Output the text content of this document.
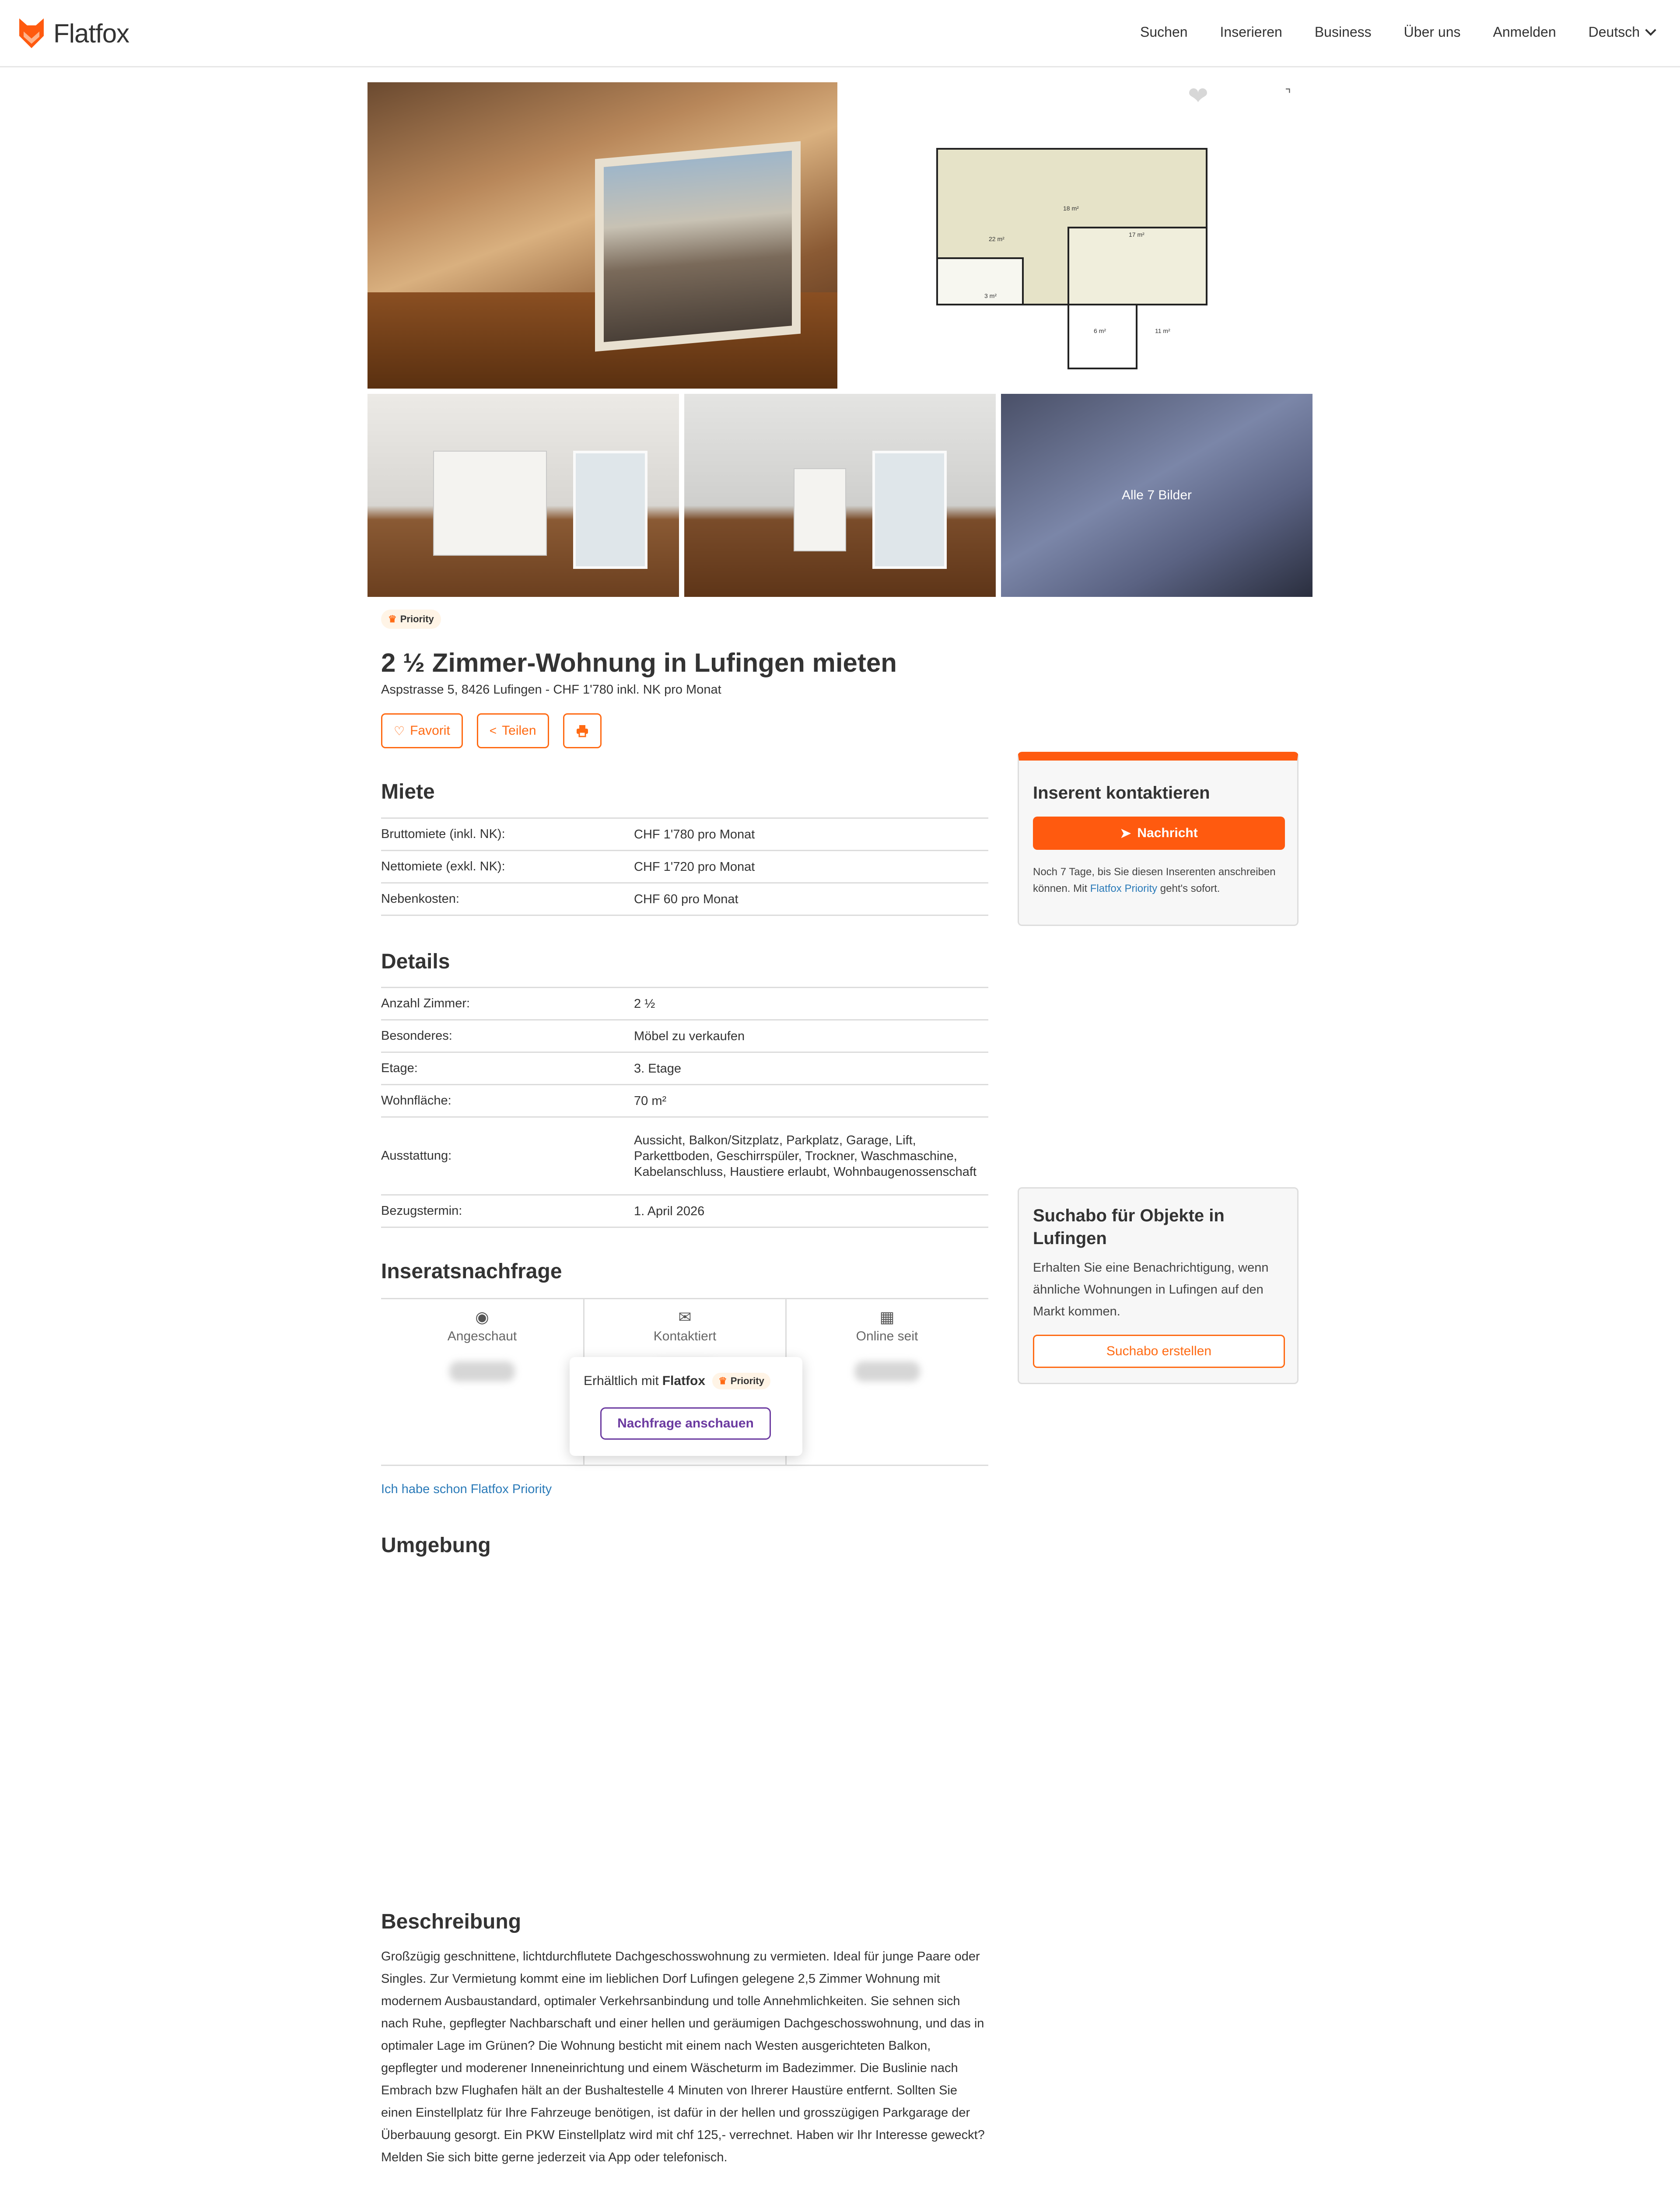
Flatfox	Suchen Inserieren Business Über uns Anmelden Deutsch
18 m²
17 m²
22 m²
3 m²
6 m²	11 m²
❤	⌝
Alle 7 Bilder
♛ Priority
2 ½ Zimmer-Wohnung in Lufingen mieten
Aspstrasse 5, 8426 Lufingen - CHF 1'780 inkl. NK pro Monat
♡ Favorit	< Teilen
Miete
Bruttomiete (inkl. NK):	CHF 1'780 pro Monat
Nettomiete (exkl. NK):	CHF 1'720 pro Monat
Nebenkosten:	CHF 60 pro Monat
Details
Anzahl Zimmer:	2 ½
Besonderes:	Möbel zu verkaufen
Etage:	3. Etage
Wohnfläche:	70 m²
Ausstattung:
Aussicht, Balkon/Sitzplatz, Parkplatz, Garage, Lift, Parkettboden, Geschirrspüler, Trockner, Waschmaschine, Kabelanschluss, Haustiere erlaubt, Wohnbaugenossenschaft
Bezugstermin:	1. April 2026
Inseratsnachfrage
◉
Angeschaut
✉
Kontaktiert
▦
Online seit
Erhältlich mit Flatfox	♛ Priority
Nachfrage anschauen
Ich habe schon Flatfox Priority
Umgebung
Beschreibung

Großzügig geschnittene, lichtdurchflutete Dachgeschosswohnung zu vermieten. Ideal für junge Paare oder Singles. Zur Vermietung kommt eine im lieblichen Dorf Lufingen gelegene 2,5 Zimmer Wohnung mit modernem Ausbaustandard, optimaler Verkehrsanbindung und tolle Annehmlichkeiten. Sie sehnen sich nach Ruhe, gepflegter Nachbarschaft und einer hellen und geräumigen Dachgeschosswohnung, und das in optimaler Lage im Grünen? Die Wohnung besticht mit einem nach Westen ausgerichteten Balkon, gepflegter und moderener Inneneinrichtung und einem Wäscheturm im Badezimmer. Die Buslinie nach Embrach bzw Flughafen hält an der Bushaltestelle 4 Minuten von Ihrerer Haustüre entfernt. Sollten Sie einen Einstellplatz für Ihre Fahrzeuge benötigen, ist dafür in der hellen und grosszügigen Parkgarage der Überbauung gesorgt. Ein PKW Einstellplatz wird mit chf 125,- verrechnet. Haben wir Ihr Interesse geweckt? Melden Sie sich bitte gerne jederzeit via App oder telefonisch.

Inserent kontaktieren
➤ Nachricht

Noch 7 Tage, bis Sie diesen Inserenten anschreiben können. Mit Flatfox Priority geht's sofort.

Suchabo für Objekte in Lufingen

Erhalten Sie eine Benachrichtigung, wenn ähnliche Wohnungen in Lufingen auf den Markt kommen.

Suchabo erstellen
